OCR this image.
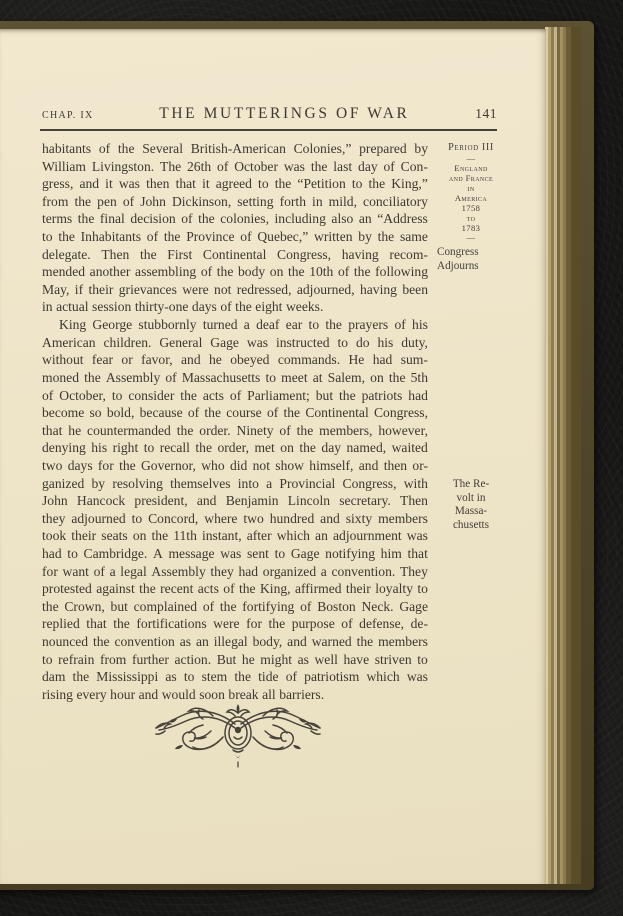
CHAP. IX	THE MUTTERINGS OF WAR	141
habitants of the Several British-American Colonies,” prepared by
William Livingston. The 26th of October was the last day of Con-
gress, and it was then that it agreed to the “Petition to the King,”
from the pen of John Dickinson, setting forth in mild, conciliatory
terms the final decision of the colonies, including also an “Address
to the Inhabitants of the Province of Quebec,” written by the same
delegate. Then the First Continental Congress, having recom-
mended another assembling of the body on the 10th of the following
May, if their grievances were not redressed, adjourned, having been
in actual session thirty-one days of the eight weeks.
King George stubbornly turned a deaf ear to the prayers of his
American children. General Gage was instructed to do his duty,
without fear or favor, and he obeyed commands. He had sum-
moned the Assembly of Massachusetts to meet at Salem, on the 5th
of October, to consider the acts of Parliament; but the patriots had
become so bold, because of the course of the Continental Congress,
that he countermanded the order. Ninety of the members, however,
denying his right to recall the order, met on the day named, waited
two days for the Governor, who did not show himself, and then or-
ganized by resolving themselves into a Provincial Congress, with
John Hancock president, and Benjamin Lincoln secretary. Then
they adjourned to Concord, where two hundred and sixty members
took their seats on the 11th instant, after which an adjournment was
had to Cambridge. A message was sent to Gage notifying him that
for want of a legal Assembly they had organized a convention. They
protested against the recent acts of the King, affirmed their loyalty to
the Crown, but complained of the fortifying of Boston Neck. Gage
replied that the fortifications were for the purpose of defense, de-
nounced the convention as an illegal body, and warned the members
to refrain from further action. But he might as well have striven to
dam the Mississippi as to stem the tide of patriotism which was
rising every hour and would soon break all barriers.
Period III
—
England
and France
in
America
1758
to
1783
—
Congress
Adjourns
The Re-
volt in
Massa-
chusetts
